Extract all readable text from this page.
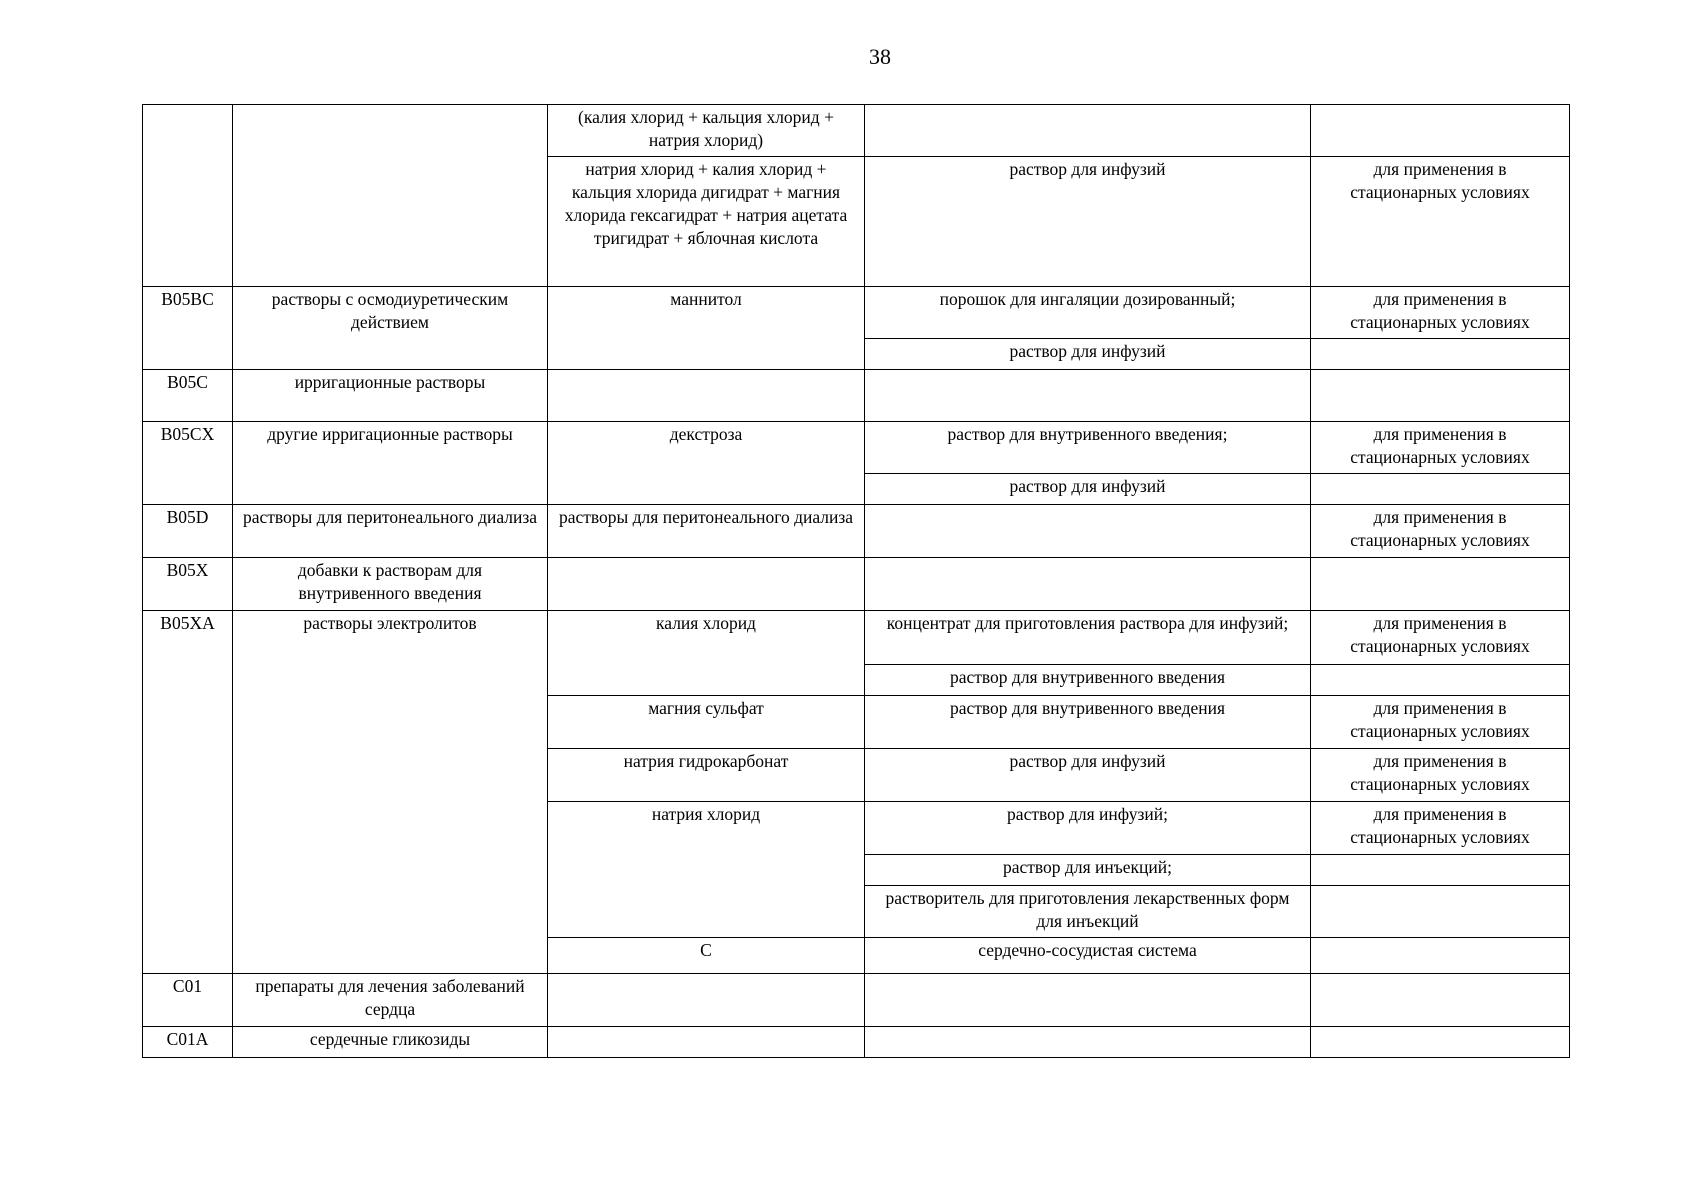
38
		(калия хлорид + кальция хлорид + натрия хлорид)			
		натрия хлорид + калия хлорид + кальция хлорида дигидрат + магния хлорида гексагидрат + натрия ацетата тригидрат + яблочная кислота	раствор для инфузий	для применения в стационарных условиях	
B05BC	растворы с осмодиуретическим действием	маннитол	порошок для ингаляции дозированный;	для применения в стационарных условиях	
			раствор для инфузий		
B05C	ирригационные растворы				
B05CX	другие ирригационные растворы	декстроза	раствор для внутривенного введения;	для применения в стационарных условиях	
			раствор для инфузий		
B05D	растворы для перитонеального диализа	растворы для перитонеального диализа		для применения в стационарных условиях	
B05X	добавки к растворам для внутривенного введения				
B05XA	растворы электролитов	калия хлорид	концентрат для приготовления раствора для инфузий;	для применения в стационарных условиях	
			раствор для внутривенного введения		
		магния сульфат	раствор для внутривенного введения	для применения в стационарных условиях	
		натрия гидрокарбонат	раствор для инфузий	для применения в стационарных условиях	
		натрия хлорид	раствор для инфузий;	для применения в стационарных условиях	
			раствор для инъекций;		
			растворитель для приготовления лекарственных форм для инъекций		
		C	сердечно-сосудистая система			
C01	препараты для лечения заболеваний сердца				
C01A	сердечные гликозиды				
